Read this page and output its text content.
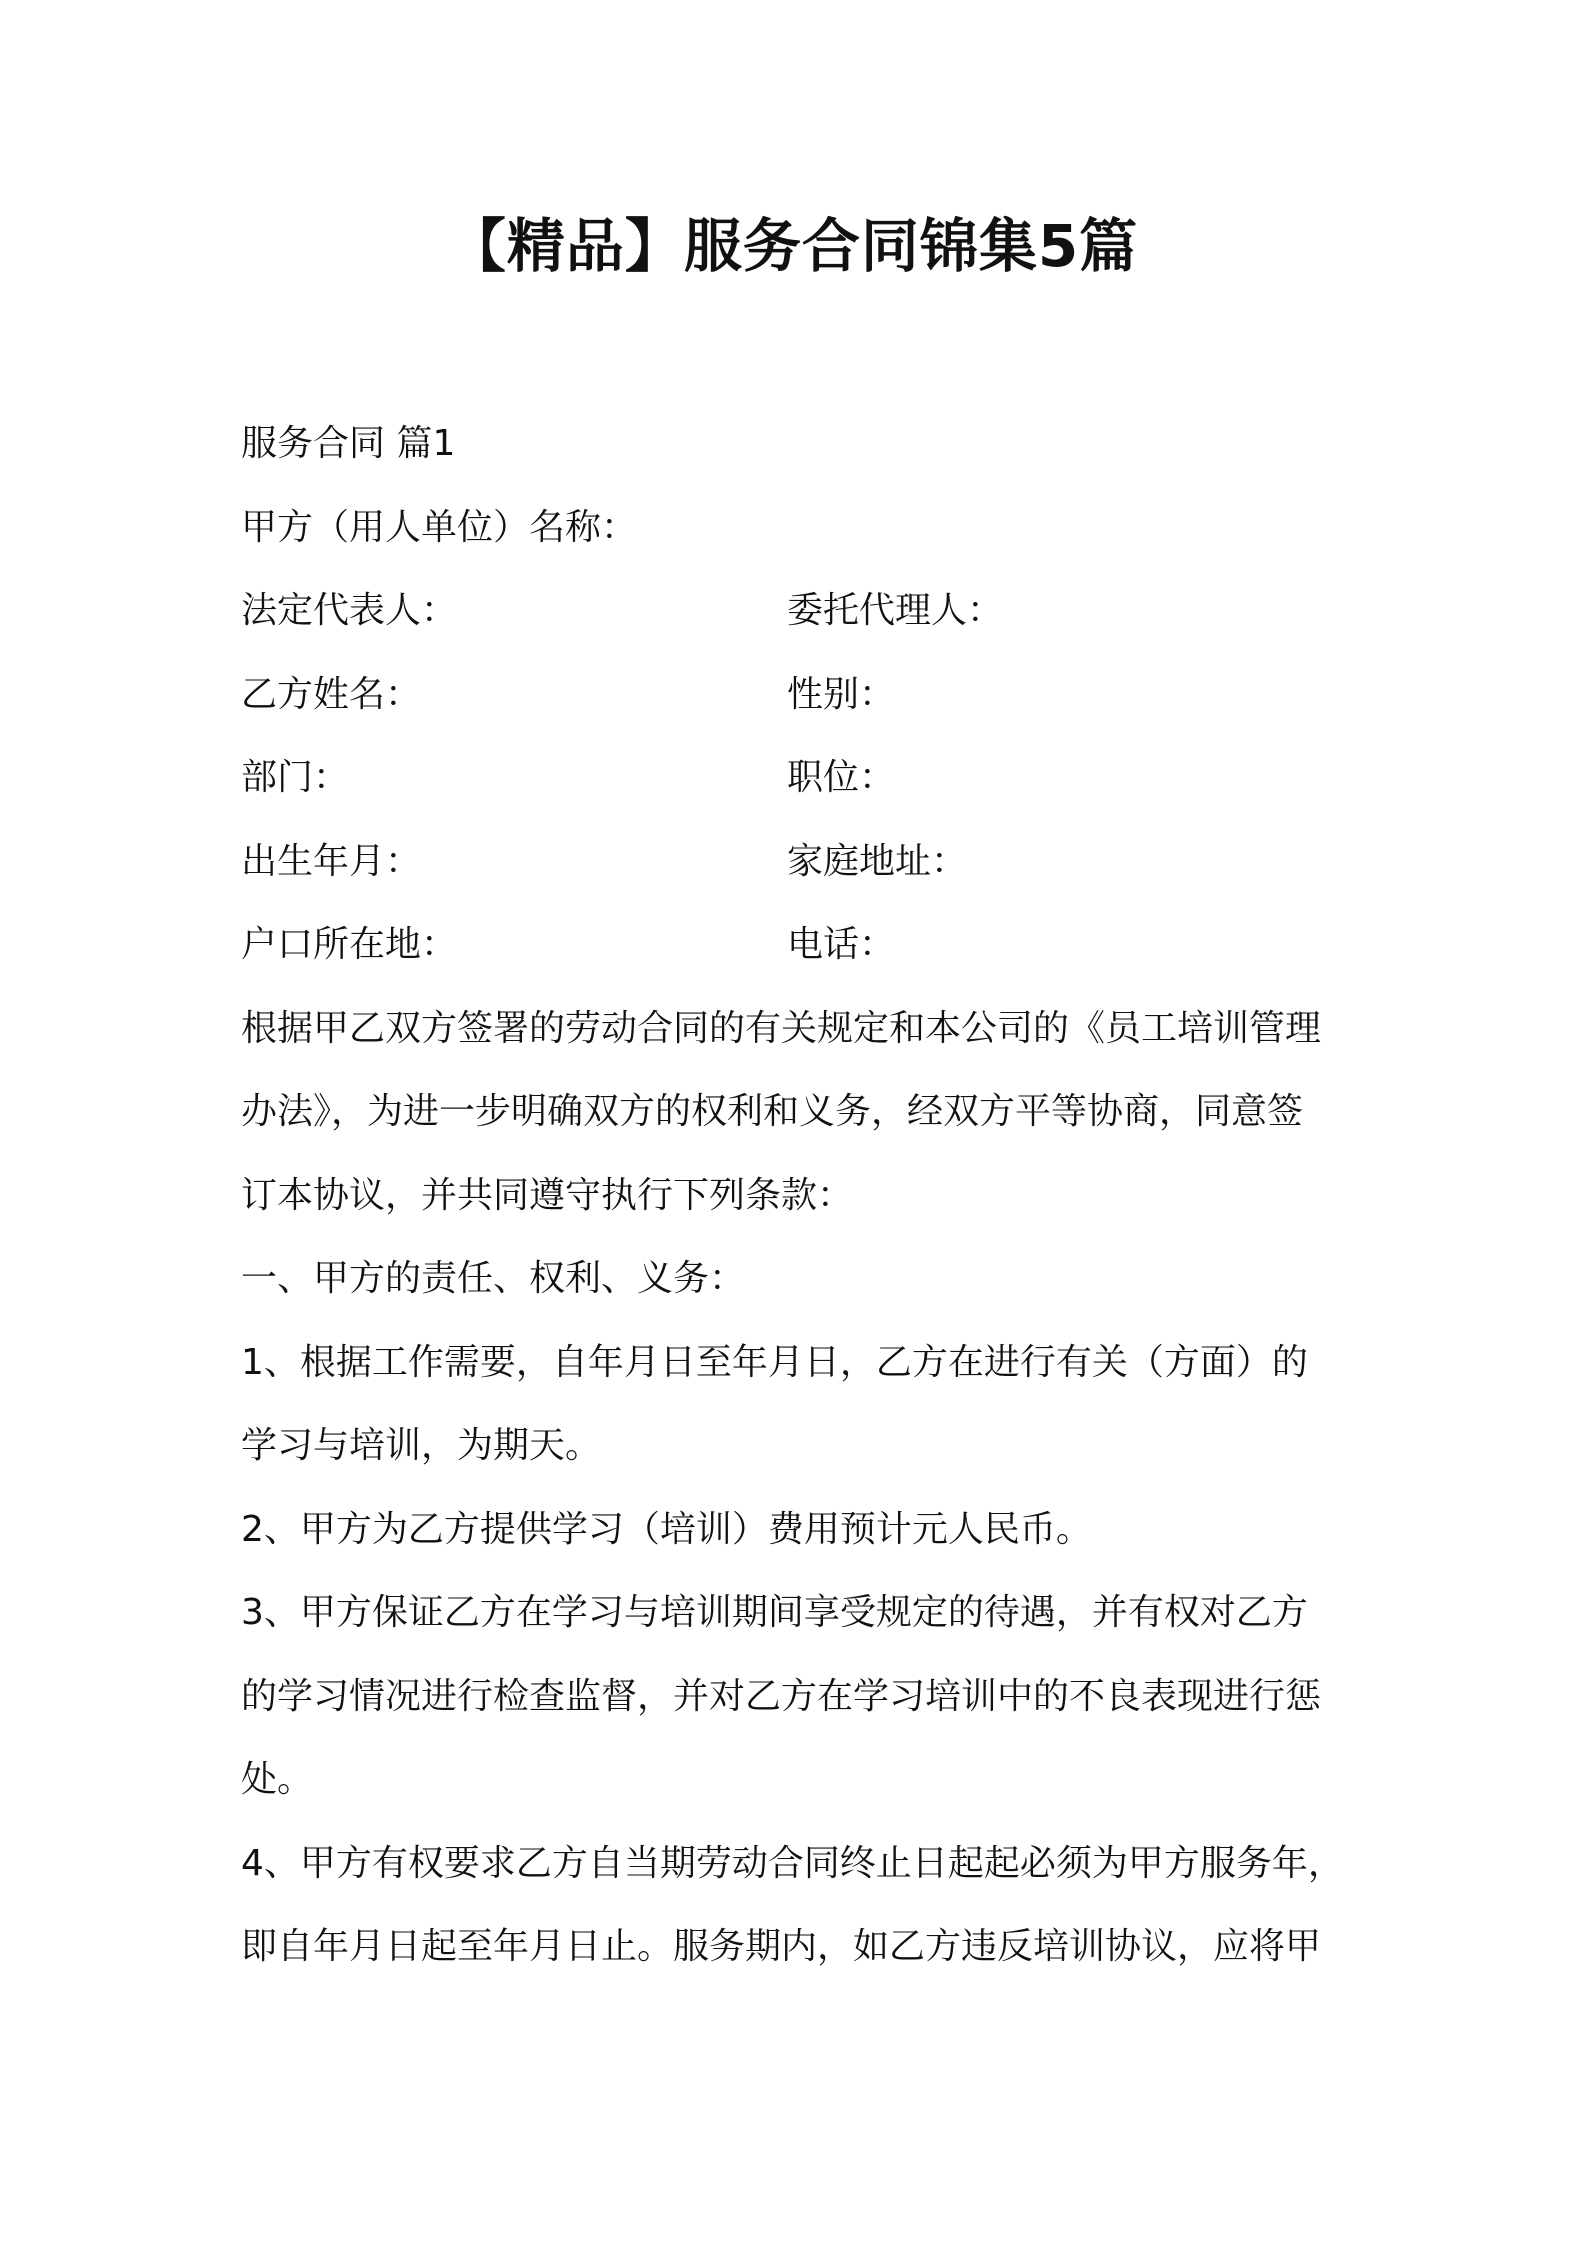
【精品】服务合同锦集5篇
服务合同 篇1
甲方（用人单位）名称：
法定代表人：	委托代理人：
乙方姓名：	性别：
部门：	职位：
出生年月：	家庭地址：
户口所在地：	电话：
根据甲乙双方签署的劳动合同的有关规定和本公司的《员工培训管理
办法》，为进一步明确双方的权利和义务，经双方平等协商，同意签
订本协议，并共同遵守执行下列条款：
一、甲方的责任、权利、义务：
1、根据工作需要，自年月日至年月日，乙方在进行有关（方面）的
学习与培训，为期天。
2、甲方为乙方提供学习（培训）费用预计元人民币。
3、甲方保证乙方在学习与培训期间享受规定的待遇，并有权对乙方
的学习情况进行检查监督，并对乙方在学习培训中的不良表现进行惩
处。
4、甲方有权要求乙方自当期劳动合同终止日起起必须为甲方服务年，
即自年月日起至年月日止。服务期内，如乙方违反培训协议，应将甲
